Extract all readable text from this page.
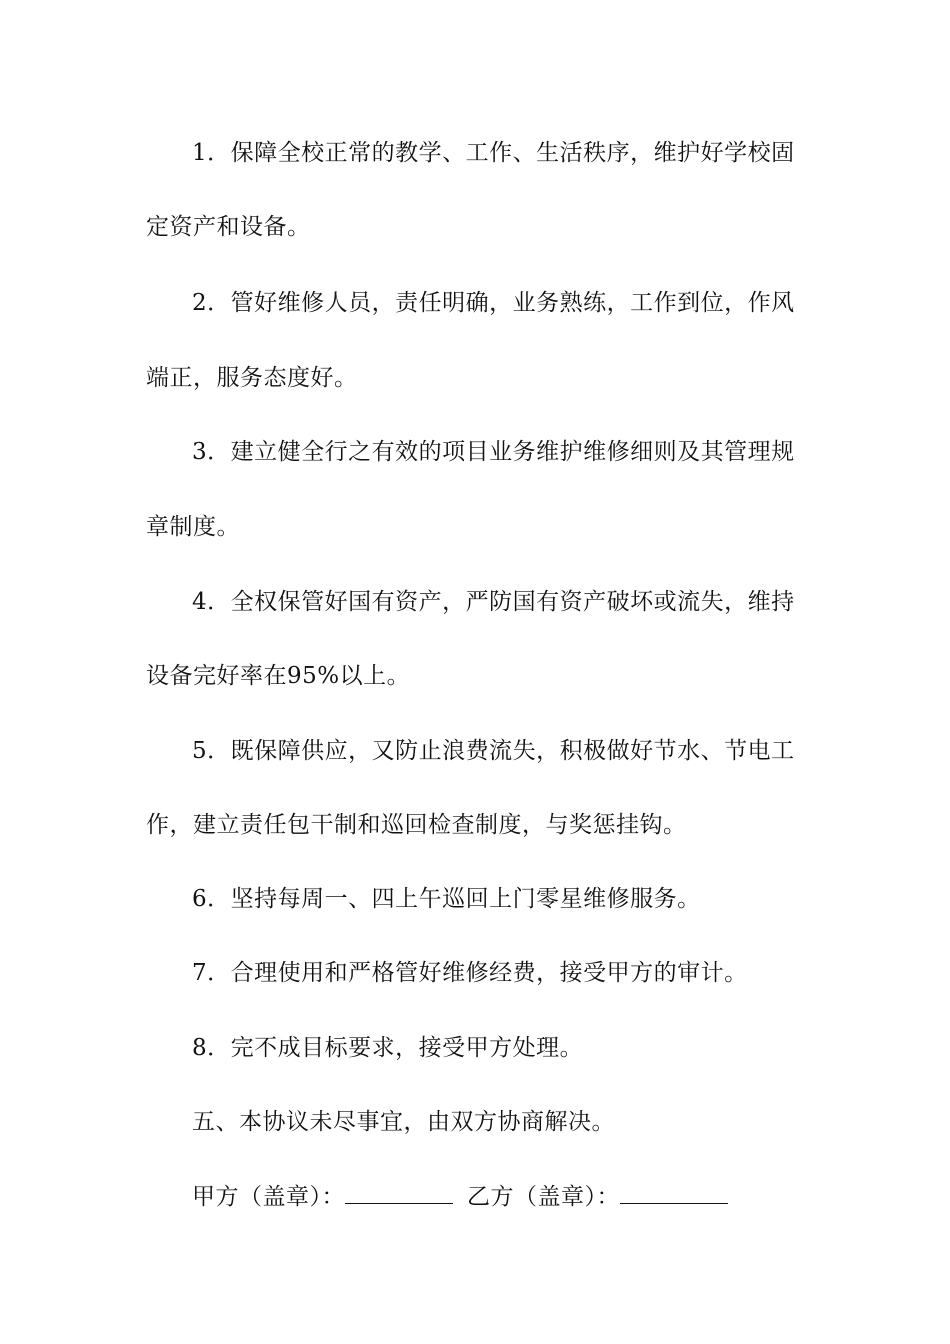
1．保障全校正常的教学、工作、生活秩序，维护好学校固
定资产和设备。
2．管好维修人员，责任明确，业务熟练，工作到位，作风
端正，服务态度好。
3．建立健全行之有效的项目业务维护维修细则及其管理规
章制度。
4．全权保管好国有资产，严防国有资产破坏或流失，维持
设备完好率在95%以上。
5．既保障供应，又防止浪费流失，积极做好节水、节电工
作，建立责任包干制和巡回检查制度，与奖惩挂钩。
6．坚持每周一、四上午巡回上门零星维修服务。
7．合理使用和严格管好维修经费，接受甲方的审计。
8．完不成目标要求，接受甲方处理。
五、本协议未尽事宜，由双方协商解决。
甲方（盖章）：	乙方（盖章）：
